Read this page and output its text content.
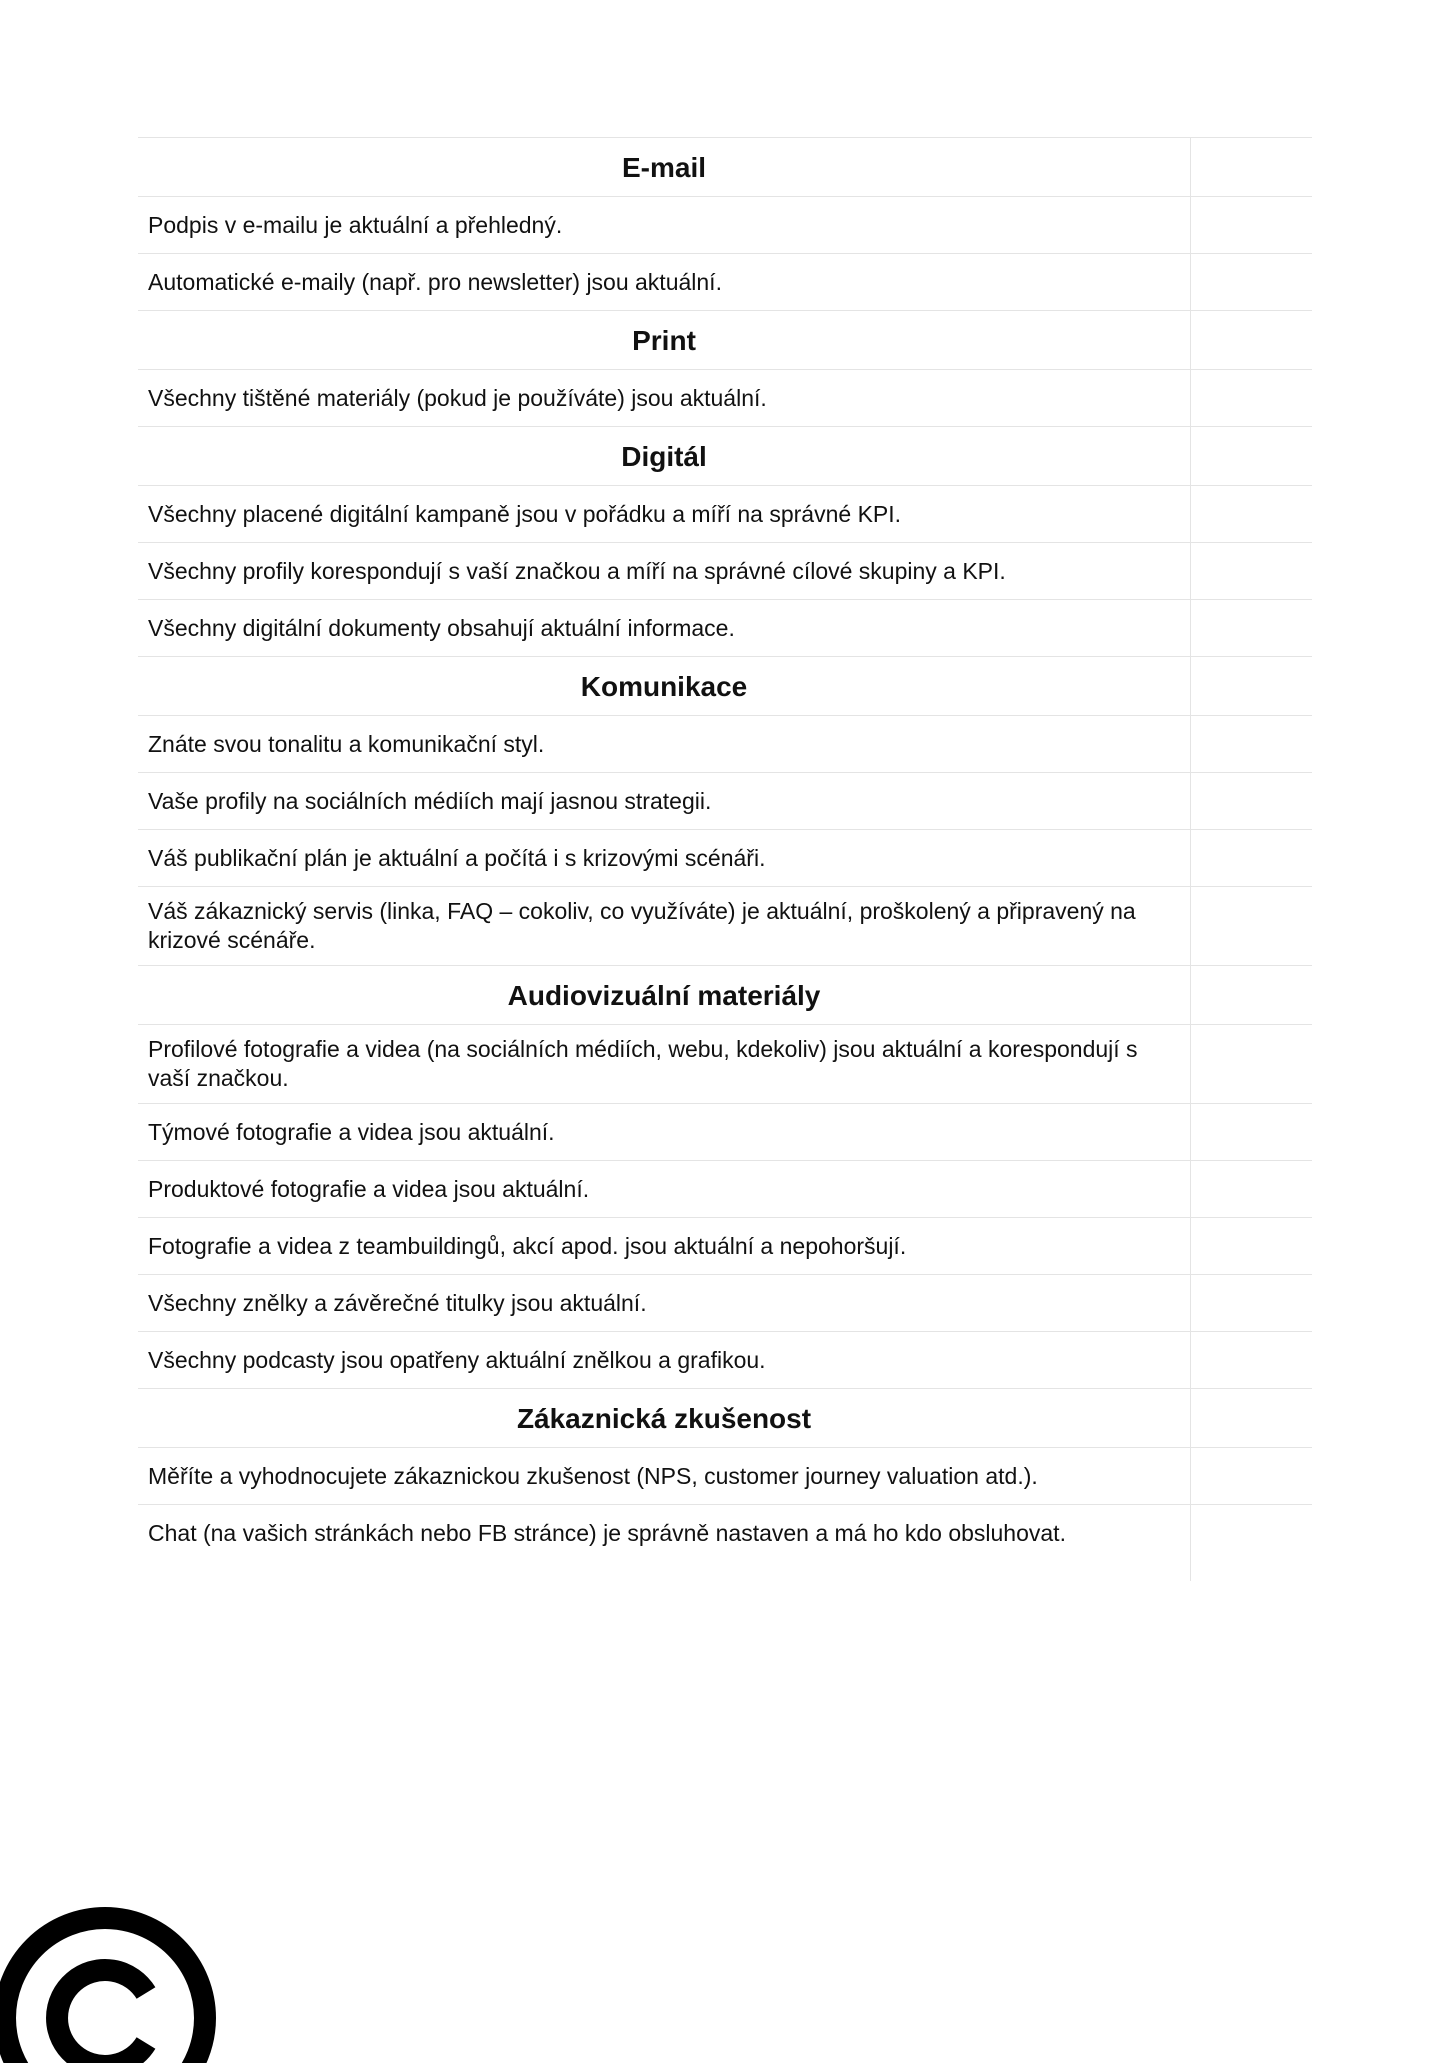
E-mail	
Podpis v e-mailu je aktuální a přehledný.	
Automatické e-maily (např. pro newsletter) jsou aktuální.	
Print	
Všechny tištěné materiály (pokud je používáte) jsou aktuální.	
Digitál	
Všechny placené digitální kampaně jsou v pořádku a míří na správné KPI.	
Všechny profily korespondují s vaší značkou a míří na správné cílové skupiny a KPI.	
Všechny digitální dokumenty obsahují aktuální informace.	
Komunikace	
Znáte svou tonalitu a komunikační styl.	
Vaše profily na sociálních médiích mají jasnou strategii.	
Váš publikační plán je aktuální a počítá i s krizovými scénáři.	
Váš zákaznický servis (linka, FAQ – cokoliv, co využíváte) je aktuální, proškolený a připravený na krizové scénáře.	
Audiovizuální materiály	
Profilové fotografie a videa (na sociálních médiích, webu, kdekoliv) jsou aktuální a korespondují s vaší značkou.	
Týmové fotografie a videa jsou aktuální.	
Produktové fotografie a videa jsou aktuální.	
Fotografie a videa z teambuildingů, akcí apod. jsou aktuální a nepohoršují.	
Všechny znělky a závěrečné titulky jsou aktuální.	
Všechny podcasty jsou opatřeny aktuální znělkou a grafikou.	
Zákaznická zkušenost	
Měříte a vyhodnocujete zákaznickou zkušenost (NPS, customer journey valuation atd.).	
Chat (na vašich stránkách nebo FB stránce) je správně nastaven a má ho kdo obsluhovat.	
